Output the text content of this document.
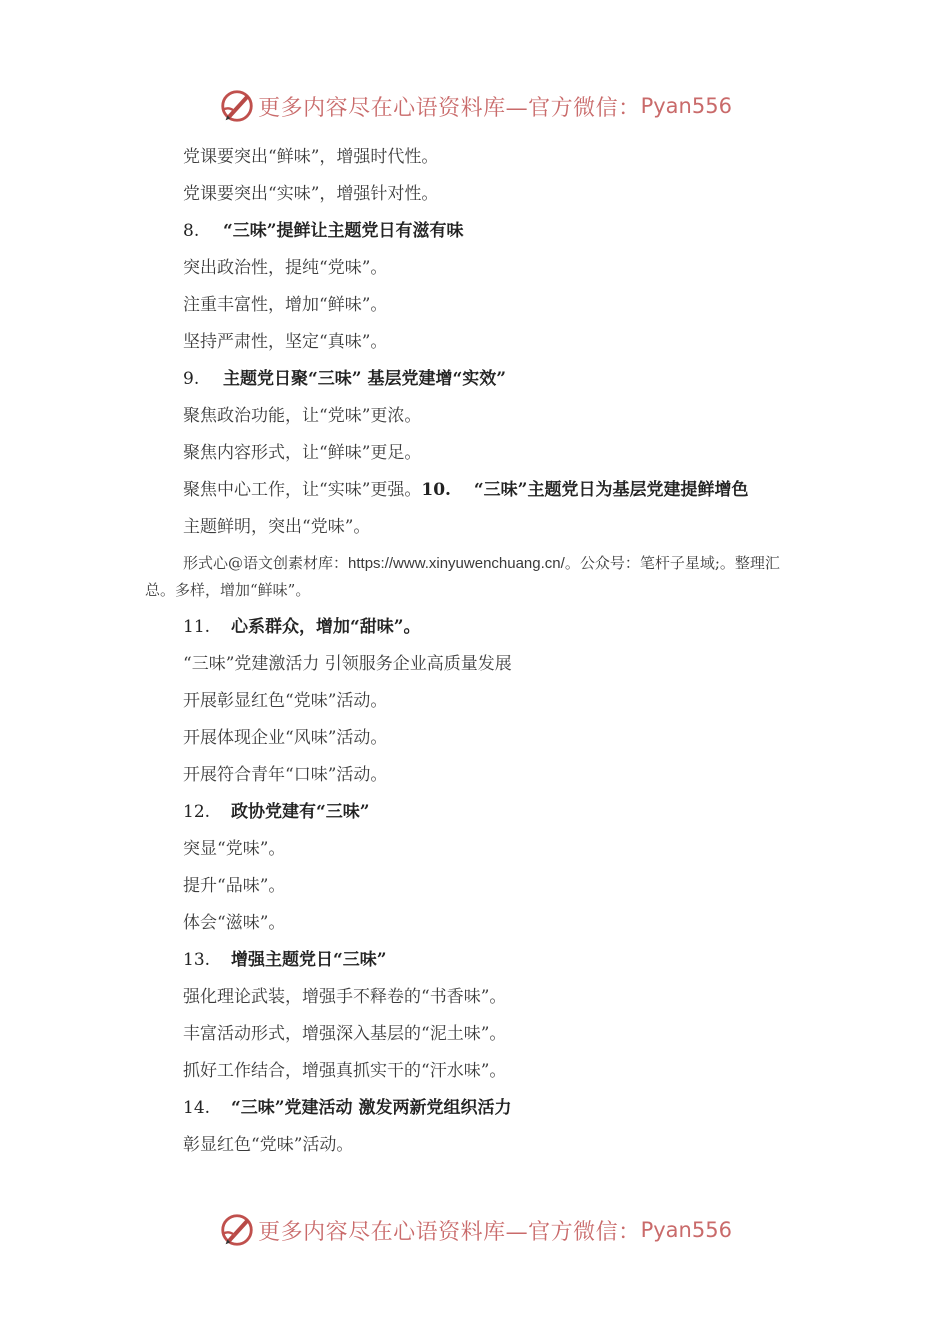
更多内容尽在心语资料库—官方微信： Pyan556
党课要突出“鲜味”，增强时代性。
党课要突出“实味”，增强针对性。
8. “三味”提鲜让主题党日有滋有味
突出政治性，提纯“党味”。
注重丰富性，增加“鲜味”。
坚持严肃性，坚定“真味”。
9. 主题党日聚“三味” 基层党建增“实效”
聚焦政治功能，让“党味”更浓。
聚焦内容形式，让“鲜味”更足。
聚焦中心工作，让“实味”更强。10.　 “三味”主题党日为基层党建提鲜增色
主题鲜明，突出“党味”。
形式心@语文创素材库：https://www.xinyuwenchuang.cn/。公众号：笔杆子星域;。整理汇总。多样，增加“鲜味”。
11. 心系群众，增加“甜味”。
“三味”党建激活力 引领服务企业高质量发展
开展彰显红色“党味”活动。
开展体现企业“风味”活动。
开展符合青年“口味”活动。
12. 政协党建有“三味”
突显“党味”。
提升“品味”。
体会“滋味”。
13. 增强主题党日“三味”
强化理论武装，增强手不释卷的“书香味”。
丰富活动形式，增强深入基层的“泥土味”。
抓好工作结合，增强真抓实干的“汗水味”。
14. “三味”党建活动 激发两新党组织活力
彰显红色“党味”活动。
更多内容尽在心语资料库—官方微信： Pyan556
